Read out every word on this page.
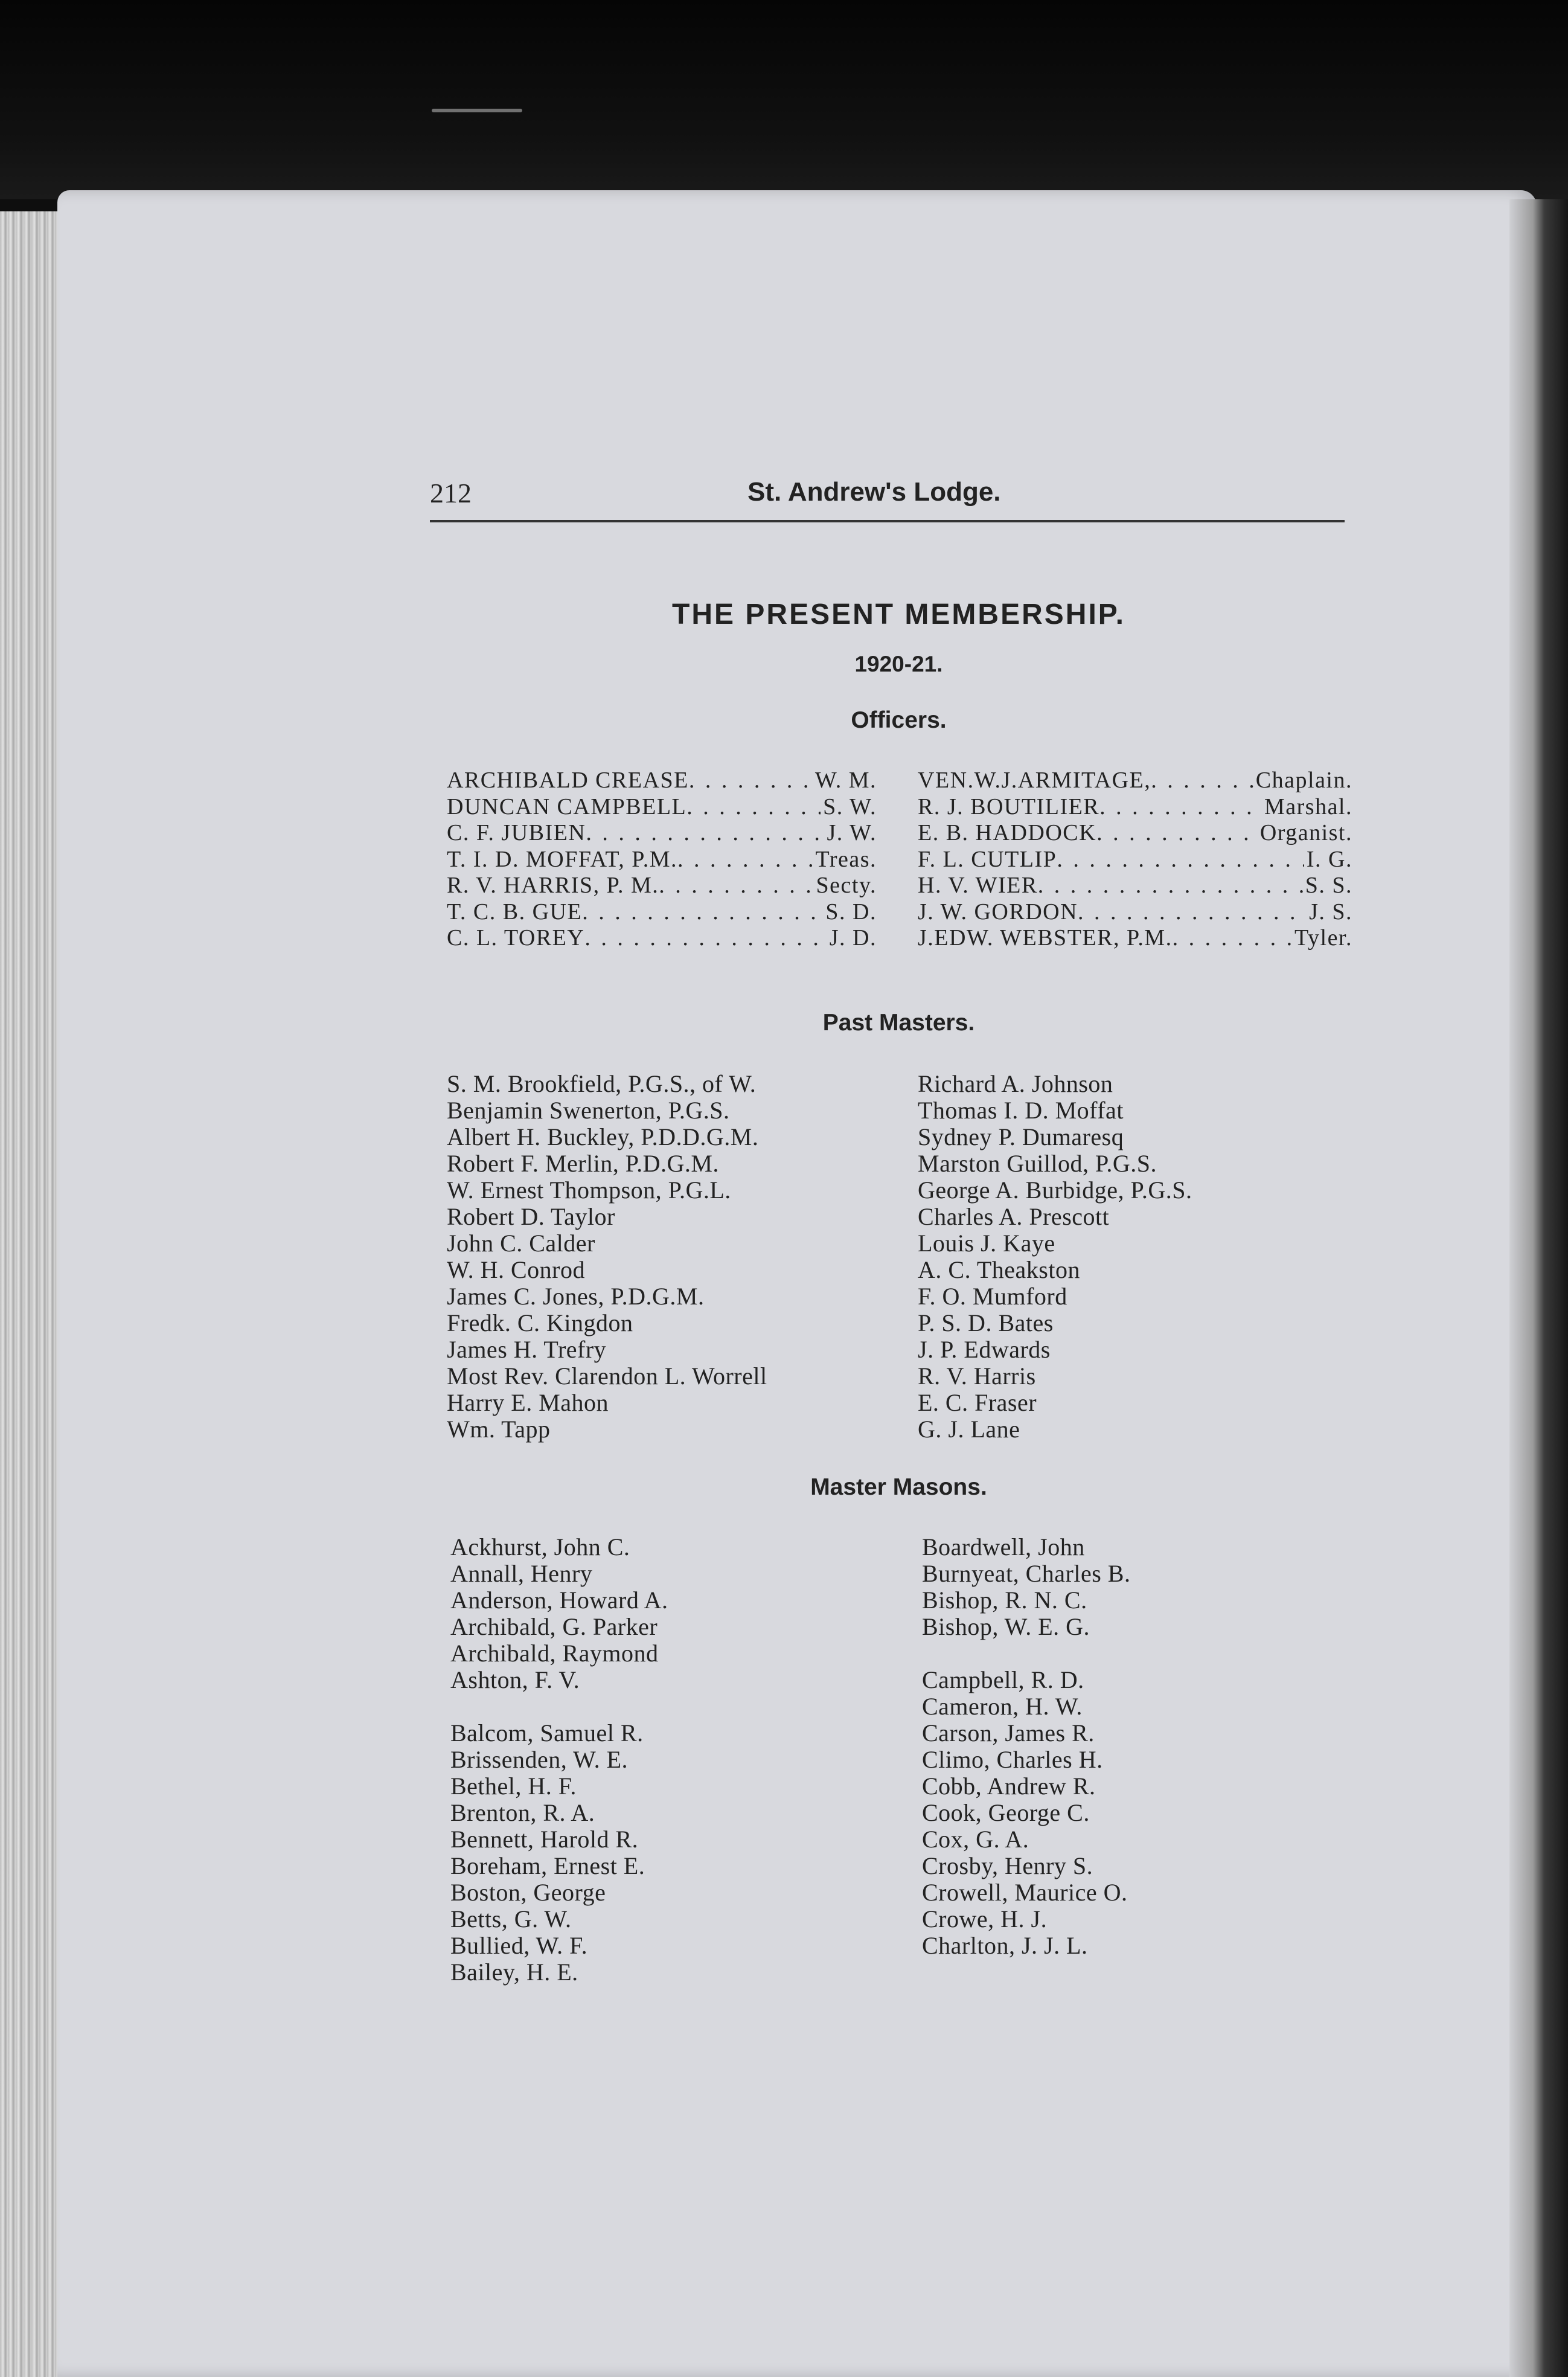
212	St. Andrew's Lodge.
THE PRESENT MEMBERSHIP.
1920-21.
Officers.
ARCHIBALD CREASE . . .	W. M.
DUNCAN CAMPBELL . . .	S. W.
C. F. JUBIEN . . .	J. W.
T. I. D. MOFFAT, P.M. . . .	Treas.
R. V. HARRIS, P. M. . . .	Secty.
T. C. B. GUE . . .	S. D.
C. L. TOREY . . .	J. D.
VEN.W.J.ARMITAGE, . . .	Chaplain.
R. J. BOUTILIER . . .	Marshal.
E. B. HADDOCK . . .	Organist.
F. L. CUTLIP . . .	I. G.
H. V. WIER . . .	S. S.
J. W. GORDON . . .	J. S.
J.EDW. WEBSTER, P.M. . . .	Tyler.
Past Masters.
S. M. Brookfield, P.G.S., of W.
Benjamin Swenerton, P.G.S.
Albert H. Buckley, P.D.D.G.M.
Robert F. Merlin, P.D.G.M.
W. Ernest Thompson, P.G.L.
Robert D. Taylor
John C. Calder
W. H. Conrod
James C. Jones, P.D.G.M.
Fredk. C. Kingdon
James H. Trefry
Most Rev. Clarendon L. Worrell
Harry E. Mahon
Wm. Tapp
Richard A. Johnson
Thomas I. D. Moffat
Sydney P. Dumaresq
Marston Guillod, P.G.S.
George A. Burbidge, P.G.S.
Charles A. Prescott
Louis J. Kaye
A. C. Theakston
F. O. Mumford
P. S. D. Bates
J. P. Edwards
R. V. Harris
E. C. Fraser
G. J. Lane
Master Masons.
Ackhurst, John C.
Annall, Henry
Anderson, Howard A.
Archibald, G. Parker
Archibald, Raymond
Ashton, F. V.
Balcom, Samuel R.
Brissenden, W. E.
Bethel, H. F.
Brenton, R. A.
Bennett, Harold R.
Boreham, Ernest E.
Boston, George
Betts, G. W.
Bullied, W. F.
Bailey, H. E.
Boardwell, John
Burnyeat, Charles B.
Bishop, R. N. C.
Bishop, W. E. G.
Campbell, R. D.
Cameron, H. W.
Carson, James R.
Climo, Charles H.
Cobb, Andrew R.
Cook, George C.
Cox, G. A.
Crosby, Henry S.
Crowell, Maurice O.
Crowe, H. J.
Charlton, J. J. L.
